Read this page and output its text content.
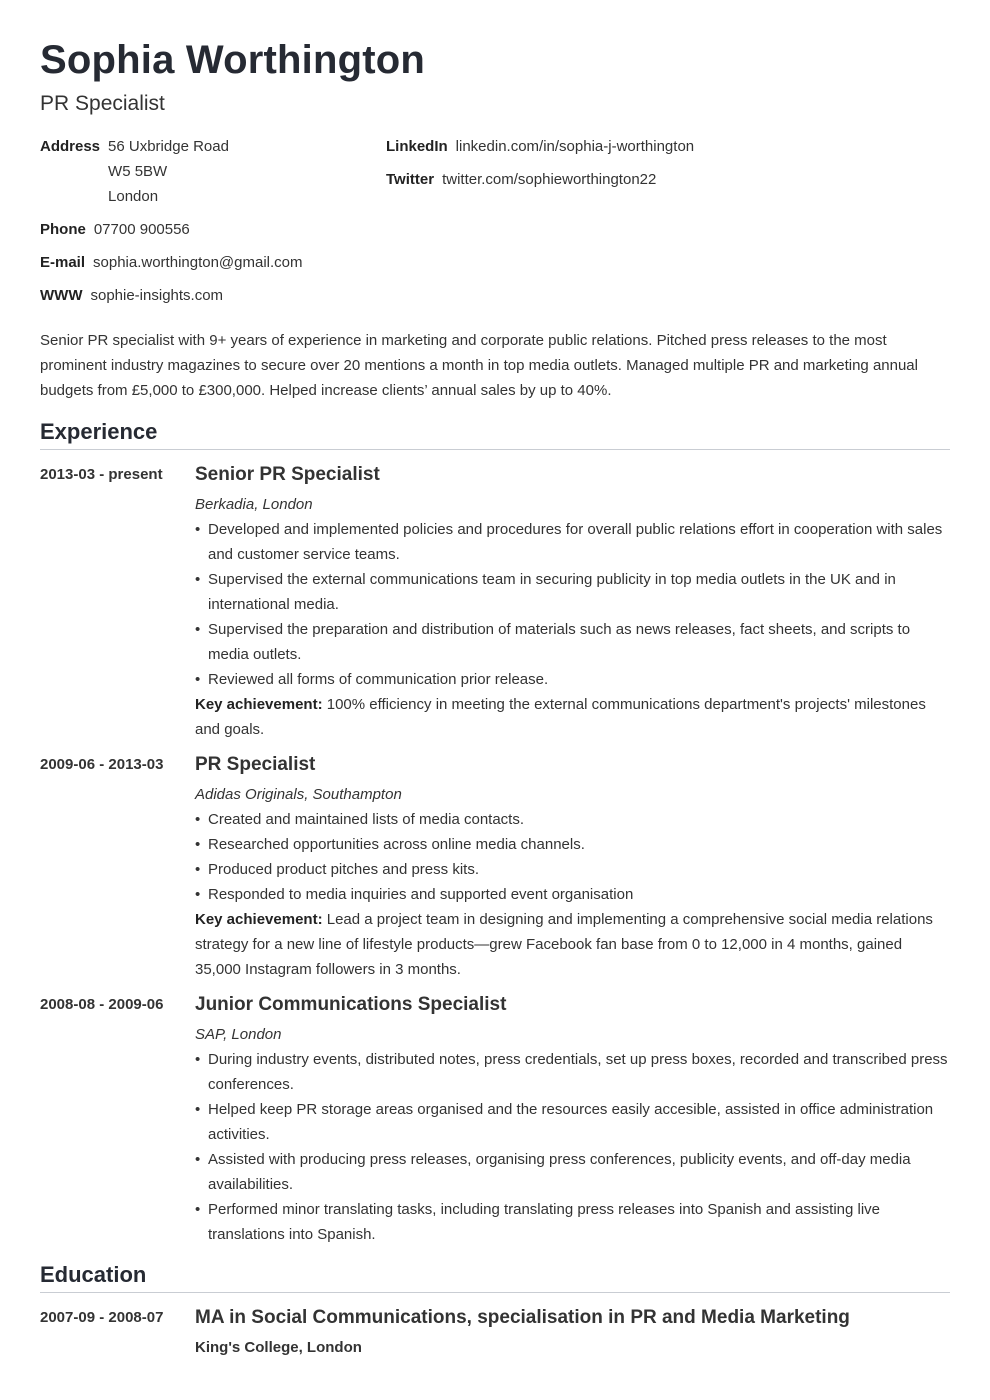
Sophia Worthington
PR Specialist
Address 56 Uxbridge Road
W5 5BW
London
Phone 07700 900556
E-mail sophia.worthington@gmail.com
WWW sophie-insights.com
LinkedIn linkedin.com/in/sophia-j-worthington
Twitter twitter.com/sophieworthington22
Senior PR specialist with 9+ years of experience in marketing and corporate public relations. Pitched press releases to the most prominent industry magazines to secure over 20 mentions a month in top media outlets. Managed multiple PR and marketing annual budgets from £5,000 to £300,000. Helped increase clients’ annual sales by up to 40%.
Experience
2013-03 - present	Senior PR Specialist
Berkadia, London
• Developed and implemented policies and procedures for overall public relations effort in cooperation with sales and customer service teams.
• Supervised the external communications team in securing publicity in top media outlets in the UK and in international media.
• Supervised the preparation and distribution of materials such as news releases, fact sheets, and scripts to media outlets.
• Reviewed all forms of communication prior release.
Key achievement: 100% efficiency in meeting the external communications department's projects' milestones and goals.
2009-06 - 2013-03	PR Specialist
Adidas Originals, Southampton
• Created and maintained lists of media contacts.
• Researched opportunities across online media channels.
• Produced product pitches and press kits.
• Responded to media inquiries and supported event organisation
Key achievement: Lead a project team in designing and implementing a comprehensive social media relations strategy for a new line of lifestyle products—grew Facebook fan base from 0 to 12,000 in 4 months, gained 35,000 Instagram followers in 3 months.
2008-08 - 2009-06	Junior Communications Specialist
SAP, London
• During industry events, distributed notes, press credentials, set up press boxes, recorded and transcribed press conferences.
• Helped keep PR storage areas organised and the resources easily accesible, assisted in office administration activities.
• Assisted with producing press releases, organising press conferences, publicity events, and off-day media availabilities.
• Performed minor translating tasks, including translating press releases into Spanish and assisting live translations into Spanish.
Education
2007-09 - 2008-07	MA in Social Communications, specialisation in PR and Media Marketing
King's College, London
